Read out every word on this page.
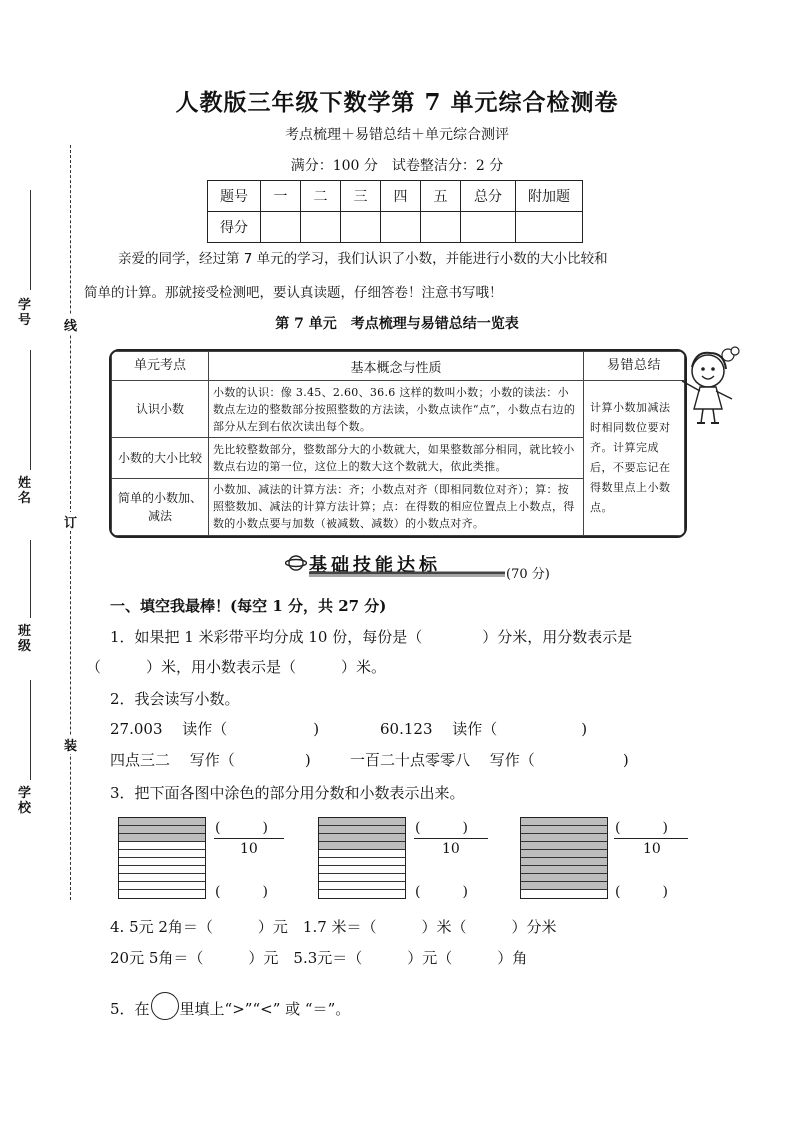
线
订
装
学号
姓名
班级
学校
人教版三年级下数学第 7 单元综合检测卷
考点梳理＋易错总结＋单元综合测评
满分：100 分　试卷整洁分：2 分
题号	一	二	三	四	五	总分	附加题
得分							
亲爱的同学，经过第 7 单元的学习，我们认识了小数，并能进行小数的大小比较和
简单的计算。那就接受检测吧，要认真读题，仔细答卷！注意书写哦！
第 7 单元　考点梳理与易错总结一览表
单元考点	基本概念与性质	易错总结
认识小数	小数的认识：像 3.45、2.60、36.6 这样的数叫小数；小数的读法：小数点左边的整数部分按照整数的方法读，小数点读作“点”，小数点右边的部分从左到右依次读出每个数。	计算小数加减法时相同数位要对齐。计算完成后，不要忘记在得数里点上小数点。
小数的大小比较	先比较整数部分，整数部分大的小数就大，如果整数部分相同，就比较小数点右边的第一位，这位上的数大这个数就大，依此类推。	
简单的小数加、减法	小数加、减法的计算方法：齐；小数点对齐（即相同数位对齐）；算：按照整数加、减法的计算方法计算；点：在得数的相应位置点上小数点，得数的小数点要与加数（被减数、减数）的小数点对齐。	
基础技能达标	(70 分)
一、填空我最棒！(每空 1 分，共 27 分)
1．如果把 1 米彩带平均分成 10 份，每份是（　　　　）分米，用分数表示是
（　　　）米，用小数表示是（　　　）米。
2．我会读写小数。
27.003　 读作（	)	60.123　 读作（	)
四点三二　 写作（	)	一百二十点零零八　 写作（	)
3．把下面各图中涂色的部分用分数和小数表示出来。
(　　　)
10
(　　　)
(　　　)
10
(　　　)
(　　　)
10
(　　　)
4. 5元 2角＝（　　　）元　1.7 米＝（　　　）米（　　　）分米
20元 5角＝（　　　）元　5.3元＝（　　　）元（　　　）角
5．在 里填上“>”“<” 或 “＝”。
